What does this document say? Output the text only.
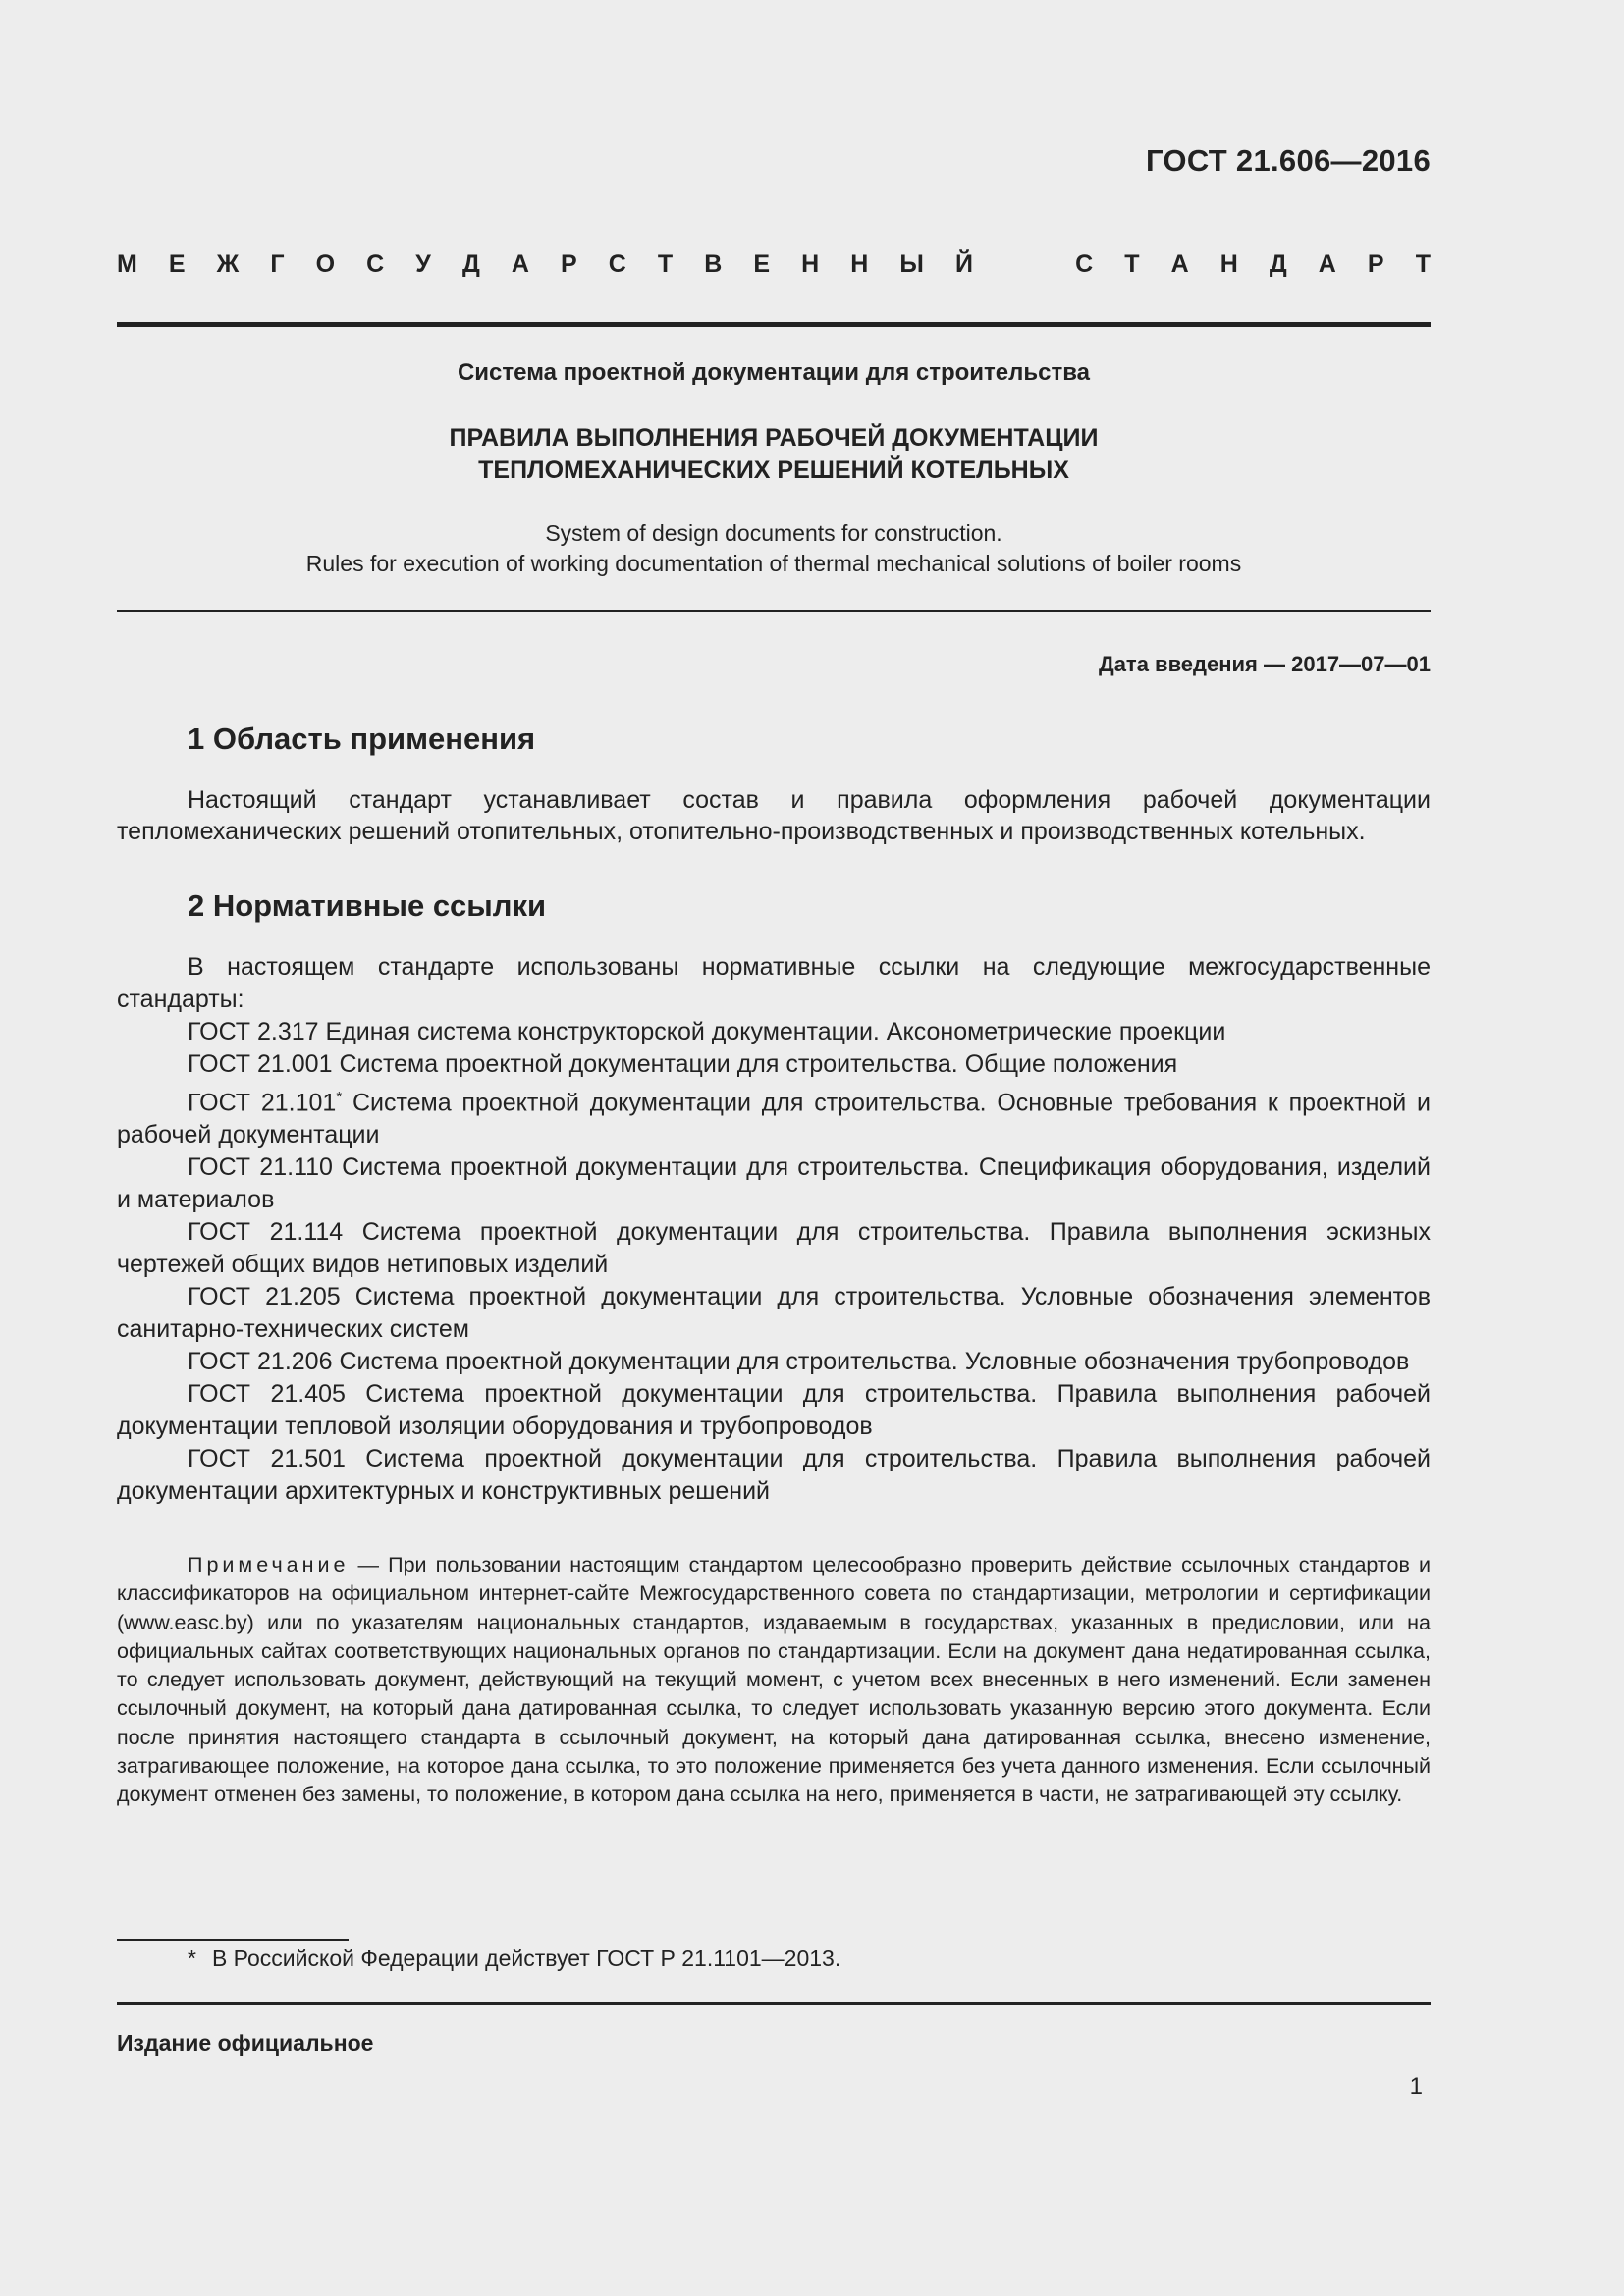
ГОСТ 21.606—2016
М Е Ж Г О С У Д А Р С Т В Е Н Н Ы Й	С Т А Н Д А Р Т
Система проектной документации для строительства
ПРАВИЛА ВЫПОЛНЕНИЯ РАБОЧЕЙ ДОКУМЕНТАЦИИ
ТЕПЛОМЕХАНИЧЕСКИХ РЕШЕНИЙ КОТЕЛЬНЫХ
System of design documents for construction.
Rules for execution of working documentation of thermal mechanical solutions of boiler rooms
Дата введения — 2017—07—01
1 Область применения

Настоящий стандарт устанавливает состав и правила оформления рабочей документации тепломеханических решений отопительных, отопительно-производственных и производственных котельных.

2 Нормативные ссылки

В настоящем стандарте использованы нормативные ссылки на следующие межгосударственные стандарты:

ГОСТ 2.317 Единая система конструкторской документации. Аксонометрические проекции

ГОСТ 21.001 Система проектной документации для строительства. Общие положения

ГОСТ 21.101* Система проектной документации для строительства. Основные требования к проектной и рабочей документации

ГОСТ 21.110 Система проектной документации для строительства. Спецификация оборудования, изделий и материалов

ГОСТ 21.114 Система проектной документации для строительства. Правила выполнения эскизных чертежей общих видов нетиповых изделий

ГОСТ 21.205 Система проектной документации для строительства. Условные обозначения элементов санитарно-технических систем

ГОСТ 21.206 Система проектной документации для строительства. Условные обозначения трубопроводов

ГОСТ 21.405 Система проектной документации для строительства. Правила выполнения рабочей документации тепловой изоляции оборудования и трубопроводов

ГОСТ 21.501 Система проектной документации для строительства. Правила выполнения рабочей документации архитектурных и конструктивных решений

Примечание — При пользовании настоящим стандартом целесообразно проверить действие ссылочных стандартов и классификаторов на официальном интернет-сайте Межгосударственного совета по стандартизации, метрологии и сертификации (www.easc.by) или по указателям национальных стандартов, издаваемым в государствах, указанных в предисловии, или на официальных сайтах соответствующих национальных органов по стандартизации. Если на документ дана недатированная ссылка, то следует использовать документ, действующий на текущий момент, с учетом всех внесенных в него изменений. Если заменен ссылочный документ, на который дана датированная ссылка, то следует использовать указанную версию этого документа. Если после принятия настоящего стандарта в ссылочный документ, на который дана датированная ссылка, внесено изменение, затрагивающее положение, на которое дана ссылка, то это положение применяется без учета данного изменения. Если ссылочный документ отменен без замены, то положение, в котором дана ссылка на него, применяется в части, не затрагивающей эту ссылку.

* В Российской Федерации действует ГОСТ Р 21.1101—2013.
Издание официальное
1
